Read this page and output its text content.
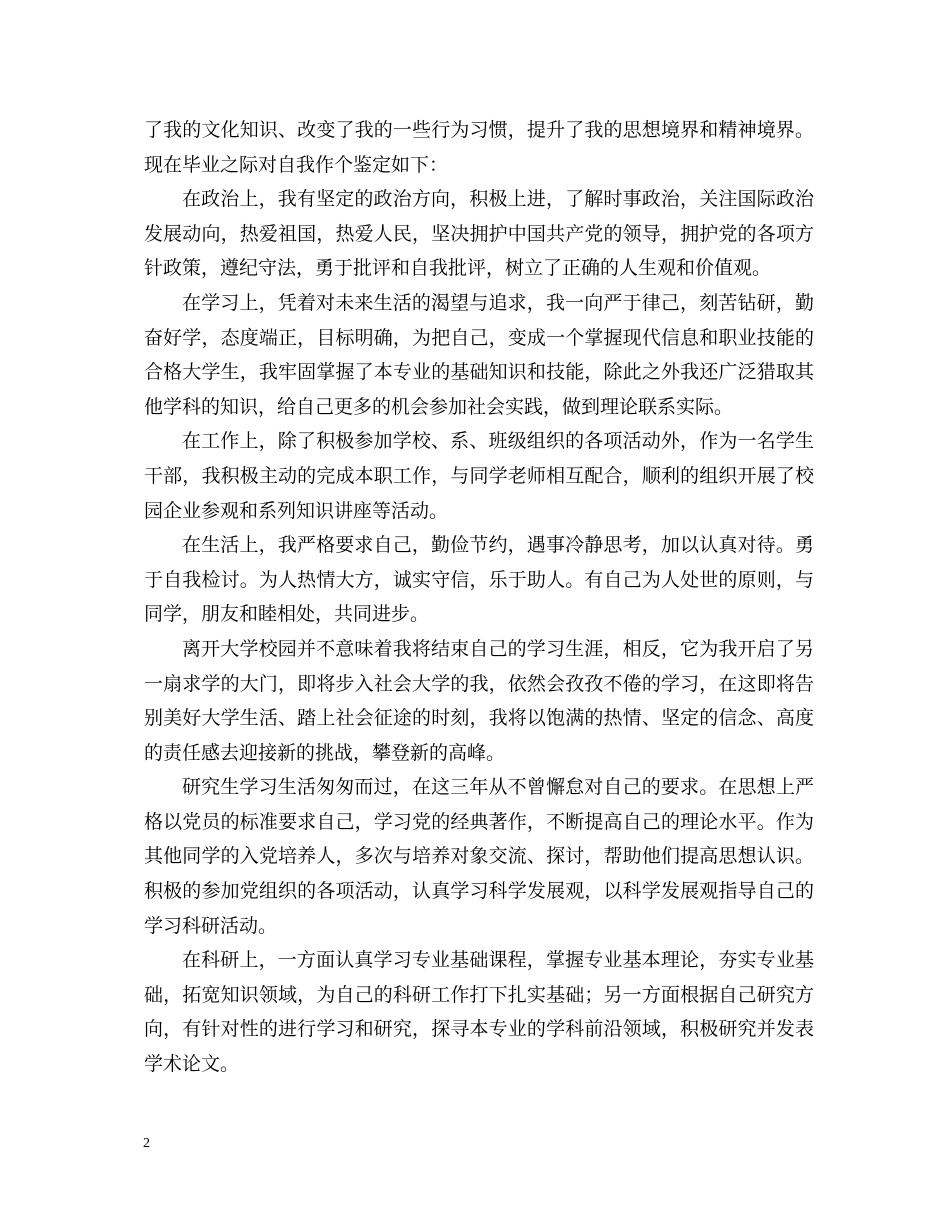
了我的文化知识、改变了我的一些行为习惯，提升了我的思想境界和精神境界。现在毕业之际对自我作个鉴定如下：

在政治上，我有坚定的政治方向，积极上进，了解时事政治，关注国际政治发展动向，热爱祖国，热爱人民，坚决拥护中国共产党的领导，拥护党的各项方针政策，遵纪守法，勇于批评和自我批评，树立了正确的人生观和价值观。

在学习上，凭着对未来生活的渴望与追求，我一向严于律己，刻苦钻研，勤奋好学，态度端正，目标明确，为把自己，变成一个掌握现代信息和职业技能的合格大学生，我牢固掌握了本专业的基础知识和技能，除此之外我还广泛猎取其他学科的知识，给自己更多的机会参加社会实践，做到理论联系实际。

在工作上，除了积极参加学校、系、班级组织的各项活动外，作为一名学生干部，我积极主动的完成本职工作，与同学老师相互配合，顺利的组织开展了校园企业参观和系列知识讲座等活动。

在生活上，我严格要求自己，勤俭节约，遇事冷静思考，加以认真对待。勇于自我检讨。为人热情大方，诚实守信，乐于助人。有自己为人处世的原则，与同学，朋友和睦相处，共同进步。

离开大学校园并不意味着我将结束自己的学习生涯，相反，它为我开启了另一扇求学的大门，即将步入社会大学的我，依然会孜孜不倦的学习，在这即将告别美好大学生活、踏上社会征途的时刻，我将以饱满的热情、坚定的信念、高度的责任感去迎接新的挑战，攀登新的高峰。

研究生学习生活匆匆而过，在这三年从不曾懈怠对自己的要求。在思想上严格以党员的标准要求自己，学习党的经典著作，不断提高自己的理论水平。作为其他同学的入党培养人，多次与培养对象交流、探讨，帮助他们提高思想认识。积极的参加党组织的各项活动，认真学习科学发展观，以科学发展观指导自己的学习科研活动。

在科研上，一方面认真学习专业基础课程，掌握专业基本理论，夯实专业基础，拓宽知识领域，为自己的科研工作打下扎实基础；另一方面根据自己研究方向，有针对性的进行学习和研究，探寻本专业的学科前沿领域，积极研究并发表学术论文。

2
